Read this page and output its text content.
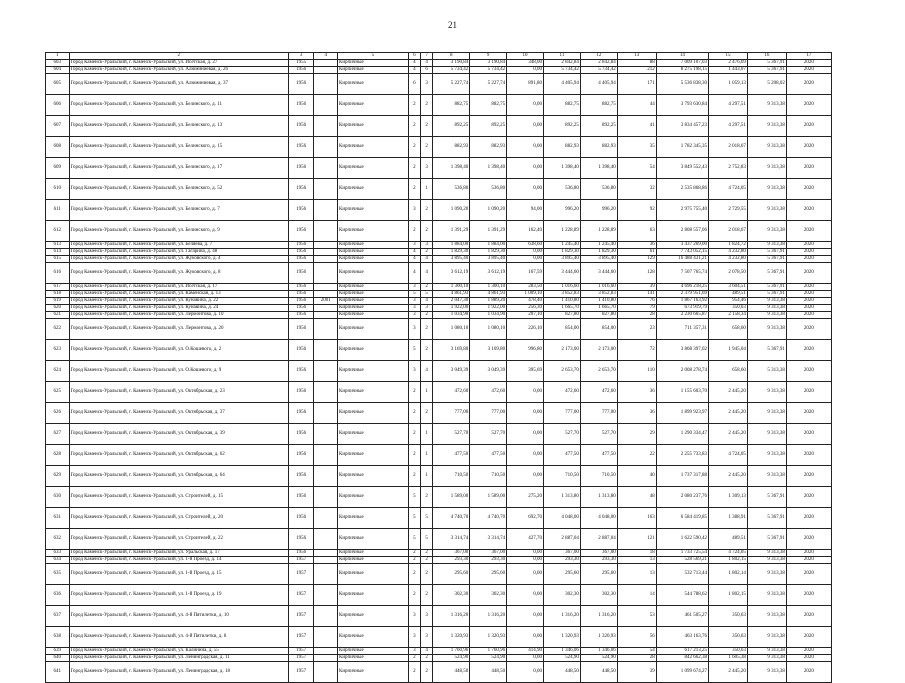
21
1	2	3	4	5	6	7	8	9	10	11	12	13	14	15	16	17
603	Город Каменск-Уральский, г. Каменск-Уральский, ул. Исетская, д. 27	1955		Кирпичные	4	4	3 190,84	3 190,84	348,00	2 842,84	2 842,84	88	7 009 107,03	2 476,69	5 367,91	2020
604	Город Каменск-Уральский, г. Каменск-Уральский, ул. Алюминиевая, д. 26	1956		Кирпичные	4	6	5 734,42	5 734,42	0,00	5 734,42	5 734,42	212	8 275 198,15	1 443,07	5 367,91	2020
605	Город Каменск-Уральский, г. Каменск-Уральский, ул. Алюминиевая, д. 37	1956		Кирпичные	6	3	5 227,74	5 227,74	891,80	4 405,94	4 405,94	171	5 536 838,30	1 059,13	5 208,02	2020
606	Город Каменск-Уральский, г. Каменск-Уральский, ул. Белинского, д. 11	1956		Кирпичные	2	2	882,75	882,75	0,00	882,75	882,75	44	3 793 630,84	4 297,51	9 313,38	2020
607	Город Каменск-Уральский, г. Каменск-Уральский, ул. Белинского, д. 13	1956		Кирпичные	2	2	892,25	892,25	0,00	892,25	892,25	41	3 834 457,23	4 297,51	9 313,38	2020
608	Город Каменск-Уральский, г. Каменск-Уральский, ул. Белинского, д. 15	1956		Кирпичные	2	2	882,93	882,93	0,00	882,93	882,93	35	1 782 345,35	2 018,67	9 313,38	2020
609	Город Каменск-Уральский, г. Каменск-Уральский, ул. Белинского, д. 17	1956		Кирпичные	2	3	1 398,40	1 398,40	0,00	1 398,40	1 398,40	54	3 849 552,43	2 752,83	9 313,38	2020
610	Город Каменск-Уральский, г. Каменск-Уральский, ул. Белинского, д. 52	1956		Кирпичные	2	1	536,80	536,80	0,00	536,80	536,80	32	2 535 868,86	4 724,05	9 313,38	2020
611	Город Каменск-Уральский, г. Каменск-Уральский, ул. Белинского, д. 7	1956		Кирпичные	3	2	1 090,20	1 090,20	94,00	996,20	996,20	92	2 975 755,40	2 729,55	9 313,38	2020
612	Город Каменск-Уральский, г. Каменск-Уральский, ул. Белинского, д. 9	1956		Кирпичные	2	2	1 391,29	1 391,29	162,40	1 228,89	1 228,89	63	2 808 557,06	2 018,67	9 313,38	2020
613	Город Каменск-Уральский, г. Каменск-Уральский, ул. Беляева, д. 7	1956		Кирпичные	3	3	1 884,00	1 884,00	638,60	1 245,40	1 245,40	36	3 437 269,00	1 824,72	9 313,38	2020
614	Город Каменск-Уральский, г. Каменск-Уральский, ул. Гагарина, д. 48	1956		Кирпичные	4	2	1 829,30	1 829,30	0,00	1 829,30	1 829,30	61	7 743 052,15	4 232,80	5 367,91	2020
615	Город Каменск-Уральский, г. Каменск-Уральский, ул. Жуковского, д. 4	1956		Кирпичные	4	4	3 895,40	3 895,40	0,00	3 895,40	3 895,40	129	16 488 431,21	4 232,80	5 367,91	2020
616	Город Каменск-Уральский, г. Каменск-Уральский, ул. Жуковского, д. 8	1956		Кирпичные	4	4	3 612,19	3 612,19	167,59	3 444,60	3 444,60	128	7 507 765,74	2 078,50	5 367,91	2020
617	Город Каменск-Уральский, г. Каменск-Уральский, ул. Исетская, д. 17	1956		Кирпичные	3	2	1 300,10	1 300,10	283,50	1 016,60	1 016,60	39	4 696 218,25	3 604,51	5 367,91	2020
618	Город Каменск-Уральский, г. Каменск-Уральский, ул. Каменская, д. 13	1956		Кирпичные	5	5	4 861,93	4 861,93	1 009,10	3 852,83	3 852,83	141	2 379 951,69	489,51	5 367,91	2020
619	Город Каменск-Уральский, г. Каменск-Уральский, ул. Кунавина, д. 22	1956	2001	Кирпичные	3	4	2 047,30	1 889,20	478,40	1 410,80	1 410,80	76	1 867 163,92	954,46	9 313,38	2020
620	Город Каменск-Уральский, г. Каменск-Уральский, ул. Кунавина, д. 24	1956		Кирпичные	3	3	1 922,00	1 922,00	256,30	1 665,70	1 665,70	79	673 919,79	350,63	9 313,38	2020
621	Город Каменск-Уральский, г. Каменск-Уральский, ул. Лермонтова, д. 10	1956		Кирпичные	3	2	1 034,90	1 034,90	207,10	827,80	827,80	28	2 230 665,87	2 158,34	9 313,38	2020
622	Город Каменск-Уральский, г. Каменск-Уральский, ул. Лермонтова, д. 20	1956		Кирпичные	3	2	1 080,10	1 080,10	226,10	854,00	854,00	23	711 357,31	658,60	9 313,38	2020
623	Город Каменск-Уральский, г. Каменск-Уральский, ул. О.Кошевого, д. 2	1956		Кирпичные	5	2	3 169,80	3 169,80	996,80	2 173,00	2 173,00	72	3 868 397,02	1 945,04	5 367,91	2020
624	Город Каменск-Уральский, г. Каменск-Уральский, ул. О.Кошевого, д. 9	1956		Кирпичные	3	4	3 049,39	3 049,39	395,69	2 653,70	2 653,70	110	2 008 278,74	658,60	5 313,38	2020
625	Город Каменск-Уральский, г. Каменск-Уральский, ул. Октябрьская, д. 23	1956		Кирпичные	2	1	472,60	472,60	0,00	472,60	472,60	36	1 155 603,70	2 445,20	9 313,38	2020
626	Город Каменск-Уральский, г. Каменск-Уральский, ул. Октябрьская, д. 37	1956		Кирпичные	2	2	777,00	777,00	0,00	777,00	777,00	36	1 899 923,97	2 445,20	9 313,38	2020
627	Город Каменск-Уральский, г. Каменск-Уральский, ул. Октябрьская, д. 39	1956		Кирпичные	2	1	527,70	527,70	0,00	527,70	527,70	29	1 290 334,47	2 445,20	9 313,38	2020
628	Город Каменск-Уральский, г. Каменск-Уральский, ул. Октябрьская, д. 62	1956		Кирпичные	2	1	477,50	477,50	0,00	477,50	477,50	22	2 255 733,83	4 724,05	9 313,38	2020
629	Город Каменск-Уральский, г. Каменск-Уральский, ул. Октябрьская, д. 64	1956		Кирпичные	2	1	710,50	710,50	0,00	710,50	710,50	40	1 737 317,88	2 445,20	9 313,38	2020
630	Город Каменск-Уральский, г. Каменск-Уральский, ул. Строителей, д. 15	1956		Кирпичные	5	2	1 589,00	1 589,00	275,20	1 313,80	1 313,80	48	2 080 237,76	1 309,13	5 367,91	2020
631	Город Каменск-Уральский, г. Каменск-Уральский, ул. Строителей, д. 20	1956		Кирпичные	5	5	4 740,70	4 740,70	692,70	4 048,00	4 048,00	163	6 584 419,85	1 388,91	5 367,91	2020
632	Город Каменск-Уральский, г. Каменск-Уральский, ул. Строителей, д. 22	1956		Кирпичные	5	5	3 314,74	3 314,74	427,70	2 887,04	2 887,04	121	1 622 590,42	489,51	5 367,91	2020
633	Город Каменск-Уральский, г. Каменск-Уральский, ул. Уральская, д. 17	1956		Кирпичные	2	2	367,00	367,00	0,00	367,00	367,00	18	1 733 725,54	4 724,05	9 313,38	2020
634	Город Каменск-Уральский, г. Каменск-Уральский, ул. 1-й Проезд, д. 14	1957		Кирпичные	2	2	293,30	293,30	0,00	293,30	293,30	13	528 569,21	1 802,15	9 313,38	2020
635	Город Каменск-Уральский, г. Каменск-Уральский, ул. 1-й Проезд, д. 15	1957		Кирпичные	2	2	295,60	295,60	0,00	295,60	295,60	13	532 713,44	1 802,14	9 313,38	2020
636	Город Каменск-Уральский, г. Каменск-Уральский, ул. 1-й Проезд, д. 19	1957		Кирпичные	2	2	302,30	302,30	0,00	302,30	302,30	14	544 788,62	1 802,15	9 313,38	2020
637	Город Каменск-Уральский, г. Каменск-Уральский, ул. 4-й Пятилетки, д. 10	1957		Кирпичные	3	3	1 316,20	1 316,20	0,00	1 316,20	1 316,20	53	461 505,27	350,63	9 313,38	2020
638	Город Каменск-Уральский, г. Каменск-Уральский, ул. 4-й Пятилетки, д. 8	1957		Кирпичные	3	3	1 320,93	1 320,93	0,00	1 320,93	1 320,93	56	463 163,76	350,63	9 313,38	2020
639	Город Каменск-Уральский, г. Каменск-Уральский, ул. Калинина, д. 55	1957		Кирпичные	3	4	1 760,96	1 760,96	414,90	1 346,06	1 346,06	54	617 213,25	350,63	9 313,38	2020
640	Город Каменск-Уральский, г. Каменск-Уральский, ул. Ленинградская, д. 11	1957		Кирпичные	2	2	524,90	524,90	0,00	524,90	524,90	28	842 662,38	1 605,38	9 313,38	2020
641	Город Каменск-Уральский, г. Каменск-Уральский, ул. Ленинградская, д. 18	1957		Кирпичные	2	2	448,50	448,50	0,00	448,50	448,50	39	1 099 674,27	2 445,20	9 313,38	2020
